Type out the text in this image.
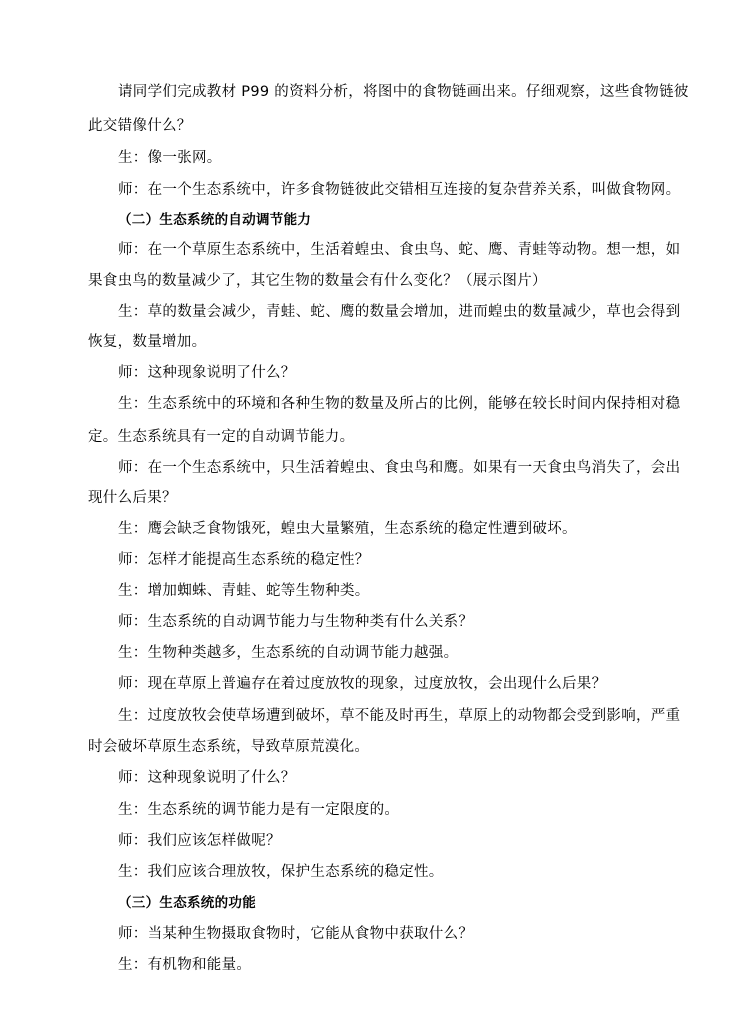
请同学们完成教材 P99 的资料分析，将图中的食物链画出来。仔细观察，这些食物链彼
此交错像什么？
生：像一张网。
师：在一个生态系统中，许多食物链彼此交错相互连接的复杂营养关系，叫做食物网。
（二）生态系统的自动调节能力
师：在一个草原生态系统中，生活着蝗虫、食虫鸟、蛇、鹰、青蛙等动物。想一想，如
果食虫鸟的数量减少了，其它生物的数量会有什么变化？（展示图片）
生：草的数量会减少，青蛙、蛇、鹰的数量会增加，进而蝗虫的数量减少，草也会得到
恢复，数量增加。
师：这种现象说明了什么？
生：生态系统中的环境和各种生物的数量及所占的比例，能够在较长时间内保持相对稳
定。生态系统具有一定的自动调节能力。
师：在一个生态系统中，只生活着蝗虫、食虫鸟和鹰。如果有一天食虫鸟消失了，会出
现什么后果？
生：鹰会缺乏食物饿死，蝗虫大量繁殖，生态系统的稳定性遭到破坏。
师：怎样才能提高生态系统的稳定性？
生：增加蜘蛛、青蛙、蛇等生物种类。
师：生态系统的自动调节能力与生物种类有什么关系？
生：生物种类越多，生态系统的自动调节能力越强。
师：现在草原上普遍存在着过度放牧的现象，过度放牧，会出现什么后果？
生：过度放牧会使草场遭到破坏，草不能及时再生，草原上的动物都会受到影响，严重
时会破坏草原生态系统，导致草原荒漠化。
师：这种现象说明了什么？
生：生态系统的调节能力是有一定限度的。
师：我们应该怎样做呢？
生：我们应该合理放牧，保护生态系统的稳定性。
（三）生态系统的功能
师：当某种生物摄取食物时，它能从食物中获取什么？
生：有机物和能量。
